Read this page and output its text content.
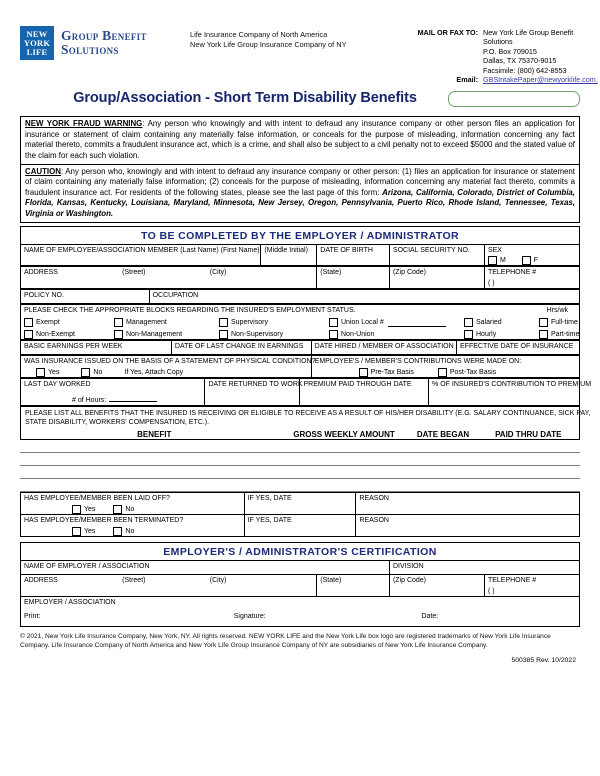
NEW
YORK
LIFE
Group Benefit
Solutions
Life Insurance Company of North America
New York Life Group Insurance Company of NY
MAIL OR FAX TO: New York Life Group Benefit Solutions
P.O. Box 709015
Dallas, TX 75370-9015
Facsimile: (800) 642-8553
Email: GBSIntakePaper@newyorklife.com.
Group/Association - Short Term Disability Benefits
NEW YORK FRAUD WARNING: Any person who knowingly and with intent to defraud any insurance company or other person files an application for insurance or statement of claim containing any materially false information, or conceals for the purpose of misleading, information concerning any fact material thereto, commits a fraudulent insurance act, which is a crime, and shall also be subject to a civil penalty not to exceed $5000 and the stated value of the claim for each such violation.
CAUTION: Any person who, knowingly and with intent to defraud any insurance company or other person: (1) files an application for insurance or statement of claim containing any materially false information; (2) conceals for the purpose of misleading, information concerning any material fact thereto, commits a fraudulent insurance act. For residents of the following states, please see the last page of this form: Arizona, California, Colorado, District of Columbia, Florida, Kansas, Kentucky, Louisiana, Maryland, Minnesota, New Jersey, Oregon, Pennsylvania, Puerto Rico, Rhode Island, Tennessee, Texas, Virginia or Washington.
TO BE COMPLETED BY THE EMPLOYER / ADMINISTRATOR
NAME OF EMPLOYEE/ASSOCIATION MEMBER (Last Name) (First Name)	(Middle Initial)	DATE OF BIRTH	SOCIAL SECURITY NO.	SEX
M	F
ADDRESS	(Street)	(City)	(State)	(Zip Code)	TELEPHONE #
( )
POLICY NO.	OCCUPATION
PLEASE CHECK THE APPROPRIATE BLOCKS REGARDING THE INSURED'S EMPLOYMENT STATUS.	Hrs/wk
Exempt	Management	Supervisory	Union Local #	Salaried	Full-time
Non-Exempt	Non-Management	Non-Supervisory	Non-Union	Hourly	Part-time
BASIC EARNINGS PER WEEK	DATE OF LAST CHANGE IN EARNINGS	DATE HIRED / MEMBER OF ASSOCIATION	EFFECTIVE DATE OF INSURANCE
WAS INSURANCE ISSUED ON THE BASIS OF A STATEMENT OF PHYSICAL CONDITION?
Yes	No	If Yes, Attach Copy
	EMPLOYEE'S / MEMBER'S CONTRIBUTIONS WERE MADE ON:
Pre-Tax Basis	Post-Tax Basis
LAST DAY WORKED
# of Hours:
	DATE RETURNED TO WORK	PREMIUM PAID THROUGH DATE	% OF INSURED'S CONTRIBUTION TO PREMIUM
PLEASE LIST ALL BENEFITS THAT THE INSURED IS RECEIVING OR ELIGIBLE TO RECEIVE AS A RESULT OF HIS/HER DISABILITY (E.G. SALARY CONTINUANCE, SICK PAY,
STATE DISABILITY, WORKERS' COMPENSATION, ETC.).
BENEFIT	GROSS WEEKLY AMOUNT	DATE BEGAN	PAID THRU DATE

HAS EMPLOYEE/MEMBER BEEN LAID OFF?
Yes No	IF YES, DATE	REASON
HAS EMPLOYEE/MEMBER BEEN TERMINATED?
Yes No	IF YES, DATE	REASON
EMPLOYER'S / ADMINISTRATOR'S CERTIFICATION
NAME OF EMPLOYER / ASSOCIATION		DIVISION	

ADDRESS (Street) (City)	(State)	(Zip Code)	TELEPHONE #
( )

EMPLOYER / ASSOCIATION
Print: Signature: Date:			
© 2021, New York Life Insurance Company, New York, NY. All rights reserved. NEW YORK LIFE and the New York Life box logo are registered trademarks of New York Life Insurance Company. Life Insurance Company of North America and New York Life Group Insurance Company of NY are subsidiaries of New York Life Insurance Company.
500385 Rev. 10/2022
